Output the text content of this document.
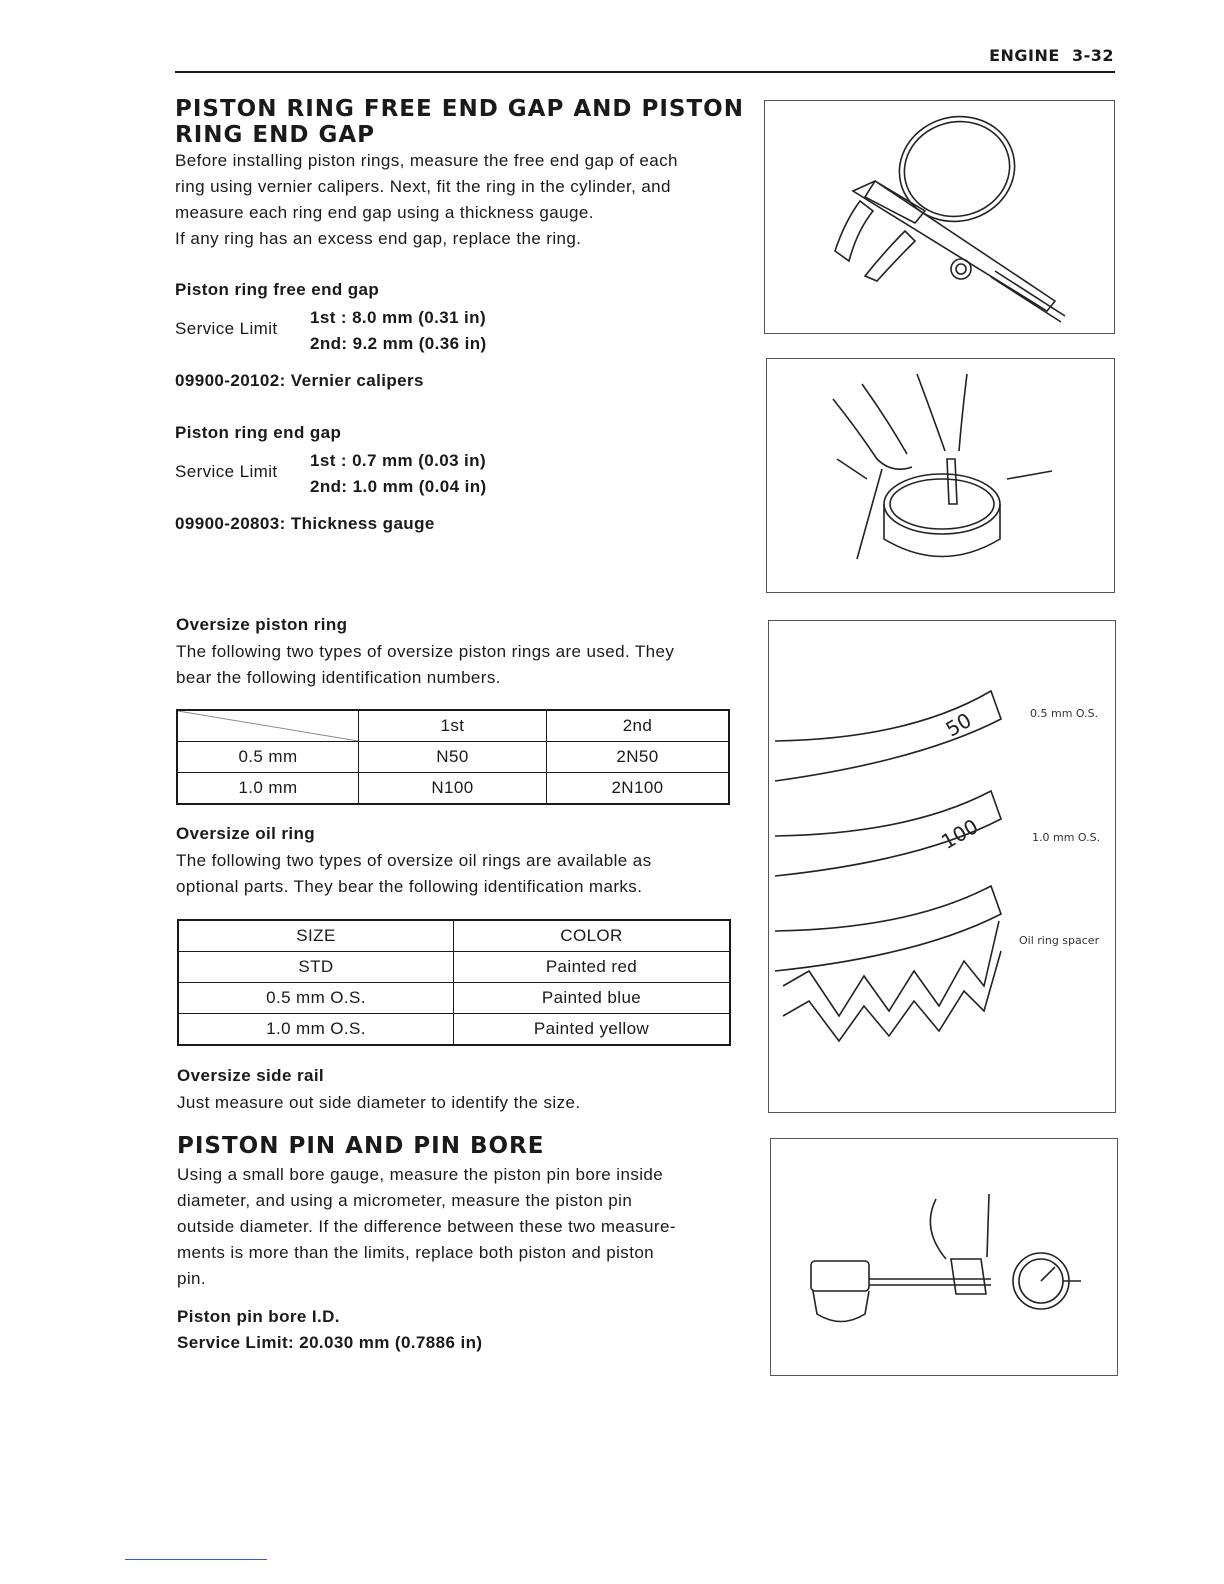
ENGINE 3-32
PISTON RING FREE END GAP AND PISTON
RING END GAP
Before installing piston rings, measure the free end gap of each
ring using vernier calipers. Next, fit the ring in the cylinder, and
measure each ring end gap using a thickness gauge.
If any ring has an excess end gap, replace the ring.
Piston ring free end gap
Service Limit
1st : 8.0 mm (0.31 in)
2nd: 9.2 mm (0.36 in)
09900-20102: Vernier calipers
Piston ring end gap
Service Limit
1st : 0.7 mm (0.03 in)
2nd: 1.0 mm (0.04 in)
09900-20803: Thickness gauge
Oversize piston ring
The following two types of oversize piston rings are used. They
bear the following identification numbers.
	1st	2nd
0.5 mm	N50	2N50
1.0 mm	N100	2N100
Oversize oil ring
The following two types of oversize oil rings are available as
optional parts. They bear the following identification marks.
SIZE	COLOR
STD	Painted red
0.5 mm O.S.	Painted blue
1.0 mm O.S.	Painted yellow
Oversize side rail
Just measure out side diameter to identify the size.
PISTON PIN AND PIN BORE
Using a small bore gauge, measure the piston pin bore inside
diameter, and using a micrometer, measure the piston pin
outside diameter. If the difference between these two measure-
ments is more than the limits, replace both piston and piston
pin.
Piston pin bore I.D.
Service Limit: 20.030 mm (0.7886 in)
50
100
0.5 mm O.S.
1.0 mm O.S.
Oil ring spacer
